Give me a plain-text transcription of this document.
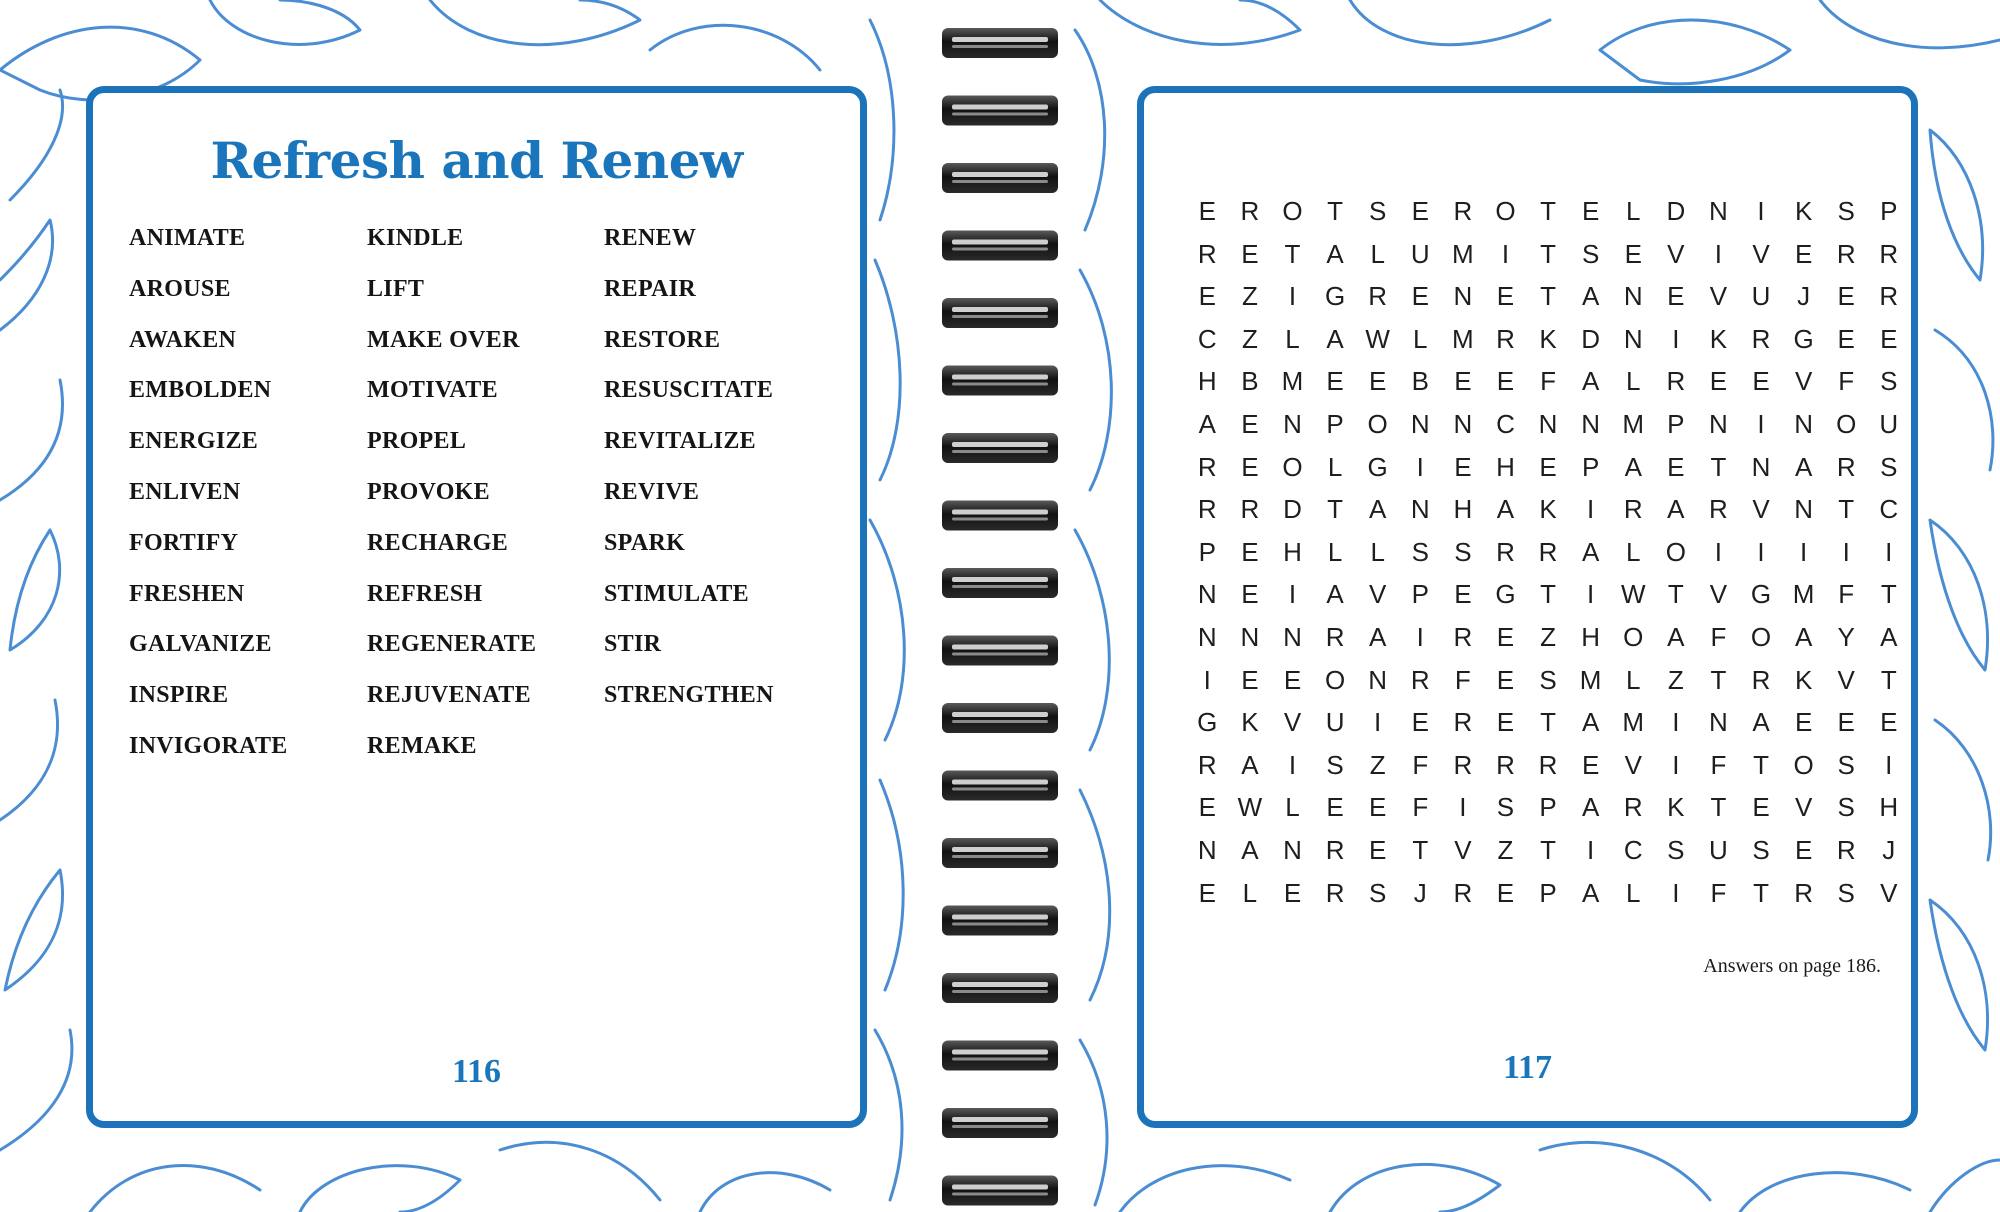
Refresh and Renew
ANIMATE
AROUSE
AWAKEN
EMBOLDEN
ENERGIZE
ENLIVEN
FORTIFY
FRESHEN
GALVANIZE
INSPIRE
INVIGORATE
KINDLE
LIFT
MAKE OVER
MOTIVATE
PROPEL
PROVOKE
RECHARGE
REFRESH
REGENERATE
REJUVENATE
REMAKE
RENEW
REPAIR
RESTORE
RESUSCITATE
REVITALIZE
REVIVE
SPARK
STIMULATE
STIR
STRENGTHEN
116
E R O T S E R O T E	L D N	I	K S P
R E T A	L U M	I	T S E V	I	V E R R
E Z	I	G R E N E T A N E V U	J	E R
C Z	L	A W L M R K D N	I	K R G E E
H B M E E B E E F A	L R E E V F S
A E N P O N N C N N M P N	I	N O U
R E O L G	I	E H E P A E T N A R S
R R D T A N H A K	I	R A R V N T C
P E H L	L	S S R R A	L O	I	I	I	I	I
N E	I	A V P E G T	I	W T V G M F	T
N N N R A	I	R E Z H O A F O A Y A
I	E E O N R F E S M L	Z	T R K V T
G K V U	I	E R E T A M	I	N A E E E
R A	I	S Z	F R R R E V	I	F	T O S	I
E W L	E E F	I	S P A R K T E V S H
N A N R E T V Z	T	I	C S U S E R	J
E	L	E R S	J	R E P A	L	I	F	T R S V
Answers on page 186.
117
